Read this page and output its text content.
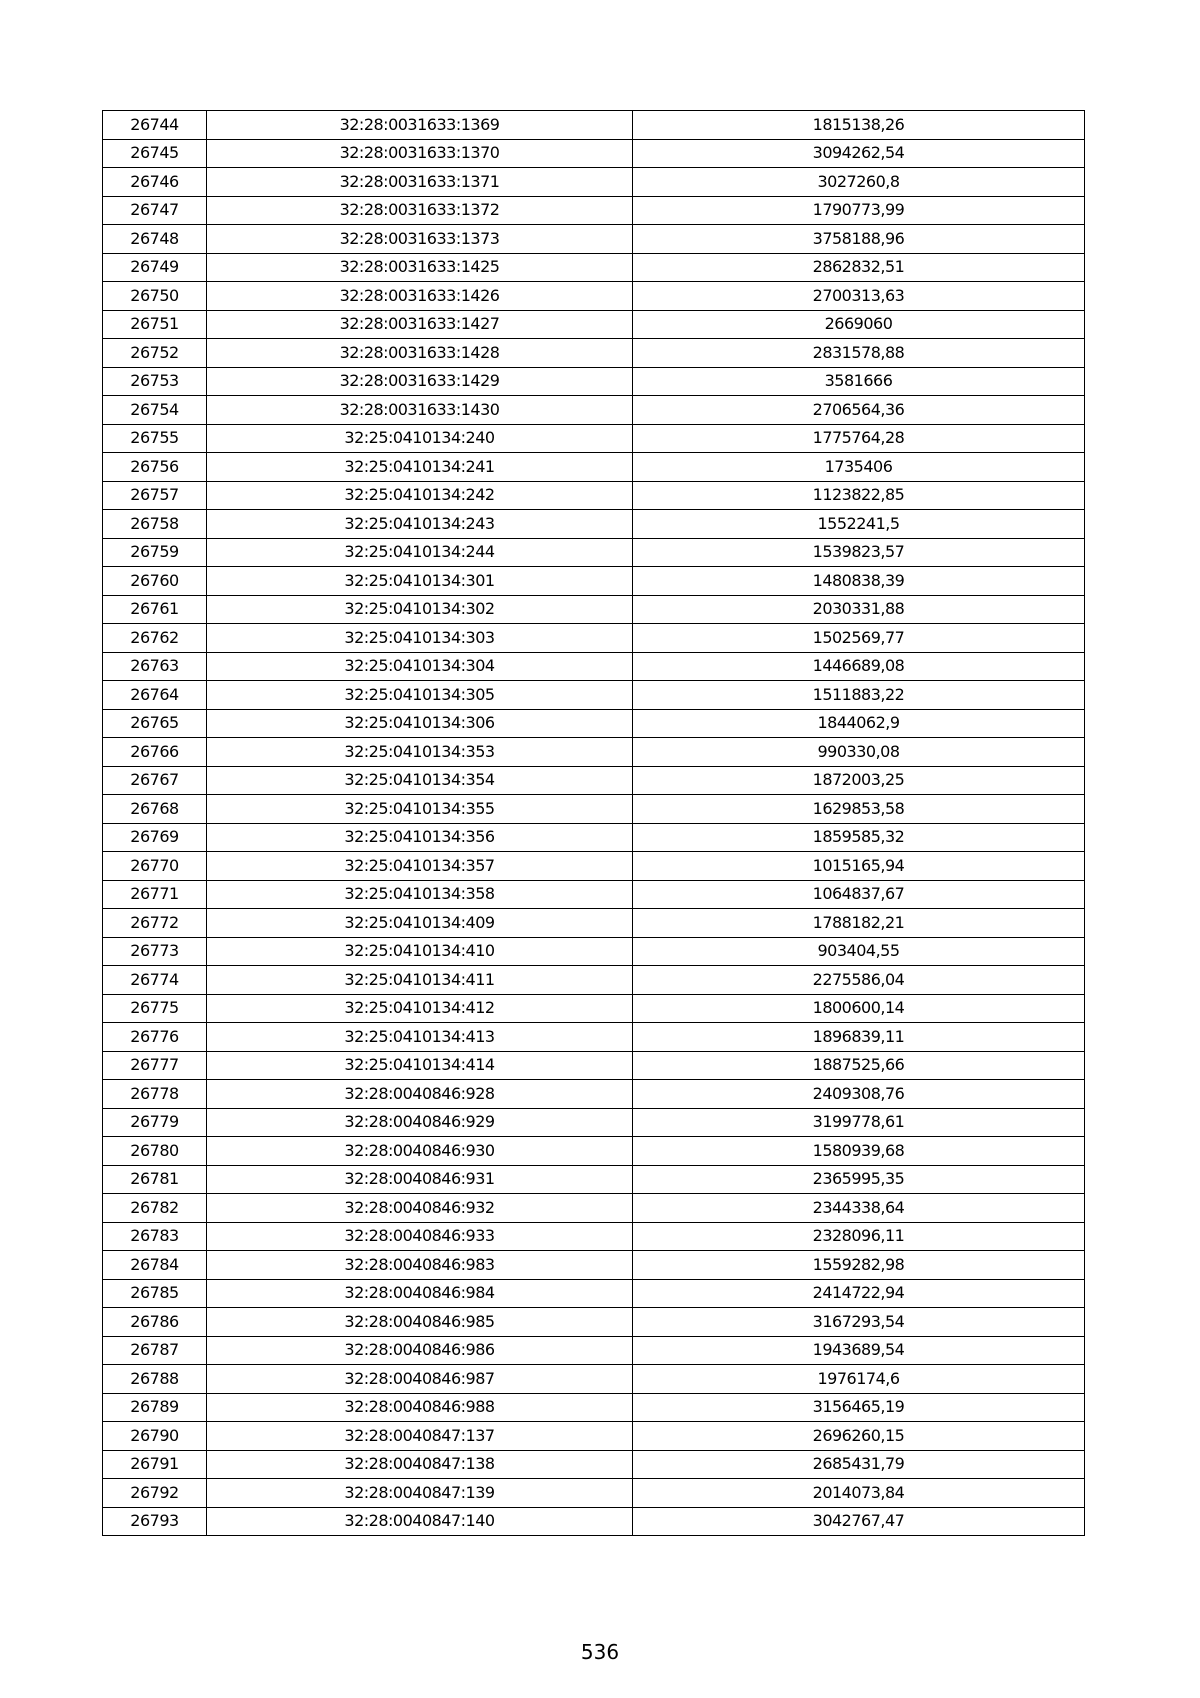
26744	32:28:0031633:1369	1815138,26
26745	32:28:0031633:1370	3094262,54
26746	32:28:0031633:1371	3027260,8
26747	32:28:0031633:1372	1790773,99
26748	32:28:0031633:1373	3758188,96
26749	32:28:0031633:1425	2862832,51
26750	32:28:0031633:1426	2700313,63
26751	32:28:0031633:1427	2669060
26752	32:28:0031633:1428	2831578,88
26753	32:28:0031633:1429	3581666
26754	32:28:0031633:1430	2706564,36
26755	32:25:0410134:240	1775764,28
26756	32:25:0410134:241	1735406
26757	32:25:0410134:242	1123822,85
26758	32:25:0410134:243	1552241,5
26759	32:25:0410134:244	1539823,57
26760	32:25:0410134:301	1480838,39
26761	32:25:0410134:302	2030331,88
26762	32:25:0410134:303	1502569,77
26763	32:25:0410134:304	1446689,08
26764	32:25:0410134:305	1511883,22
26765	32:25:0410134:306	1844062,9
26766	32:25:0410134:353	990330,08
26767	32:25:0410134:354	1872003,25
26768	32:25:0410134:355	1629853,58
26769	32:25:0410134:356	1859585,32
26770	32:25:0410134:357	1015165,94
26771	32:25:0410134:358	1064837,67
26772	32:25:0410134:409	1788182,21
26773	32:25:0410134:410	903404,55
26774	32:25:0410134:411	2275586,04
26775	32:25:0410134:412	1800600,14
26776	32:25:0410134:413	1896839,11
26777	32:25:0410134:414	1887525,66
26778	32:28:0040846:928	2409308,76
26779	32:28:0040846:929	3199778,61
26780	32:28:0040846:930	1580939,68
26781	32:28:0040846:931	2365995,35
26782	32:28:0040846:932	2344338,64
26783	32:28:0040846:933	2328096,11
26784	32:28:0040846:983	1559282,98
26785	32:28:0040846:984	2414722,94
26786	32:28:0040846:985	3167293,54
26787	32:28:0040846:986	1943689,54
26788	32:28:0040846:987	1976174,6
26789	32:28:0040846:988	3156465,19
26790	32:28:0040847:137	2696260,15
26791	32:28:0040847:138	2685431,79
26792	32:28:0040847:139	2014073,84
26793	32:28:0040847:140	3042767,47
536
